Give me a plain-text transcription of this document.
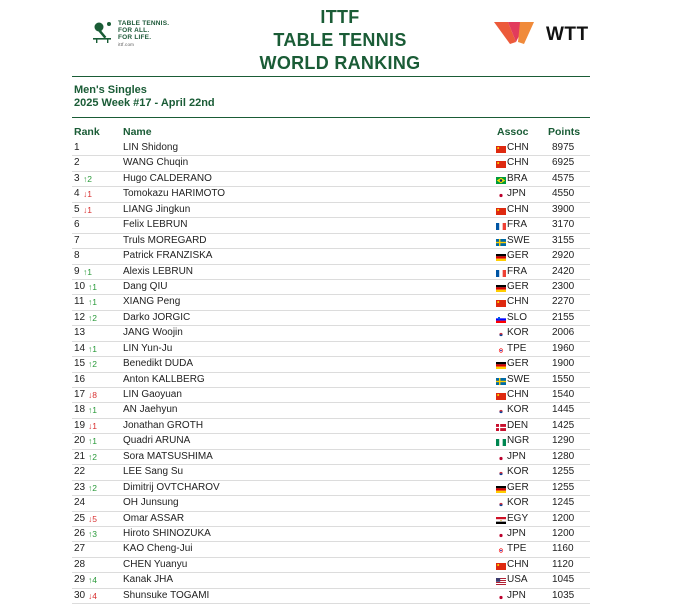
TABLE TENNIS.
FOR ALL.
FOR LIFE.
ittf.com
ITTF
TABLE TENNIS
WORLD RANKING
WTT
Men's Singles
2025 Week #17 - April 22nd
Rank Name	Assoc Points
1	LIN Shidong	CHN 8975
2	WANG Chuqin	CHN 6925
3 ↑2	Hugo CALDERANO	BRA 4575
4 ↓1	Tomokazu HARIMOTO	JPN	4550
5 ↓1	LIANG Jingkun	CHN 3900
6	Felix LEBRUN	FRA	3170
7	Truls MOREGARD	SWE 3155
8	Patrick FRANZISKA	GER 2920
9 ↑1	Alexis LEBRUN	FRA	2420
10 ↑1	Dang QIU	GER 2300
11 ↑1	XIANG Peng	CHN 2270
12 ↑2	Darko JORGIC	SLO 2155
13	JANG Woojin	KOR 2006
14 ↑1	LIN Yun-Ju	TPE	1960
15 ↑2	Benedikt DUDA	GER 1900
16	Anton KALLBERG	SWE 1550
17 ↓8	LIN Gaoyuan	CHN 1540
18 ↑1	AN Jaehyun	KOR 1445
19 ↓1	Jonathan GROTH	DEN 1425
20 ↑1	Quadri ARUNA	NGR 1290
21 ↑2	Sora MATSUSHIMA	JPN	1280
22	LEE Sang Su	KOR 1255
23 ↑2	Dimitrij OVTCHAROV	GER 1255
24	OH Junsung	KOR 1245
25 ↓5	Omar ASSAR	EGY 1200
26 ↑3	Hiroto SHINOZUKA	JPN	1200
27	KAO Cheng-Jui	TPE	1160
28	CHEN Yuanyu	CHN 1120
29 ↑4	Kanak JHA	USA 1045
30 ↓4	Shunsuke TOGAMI	JPN	1035
